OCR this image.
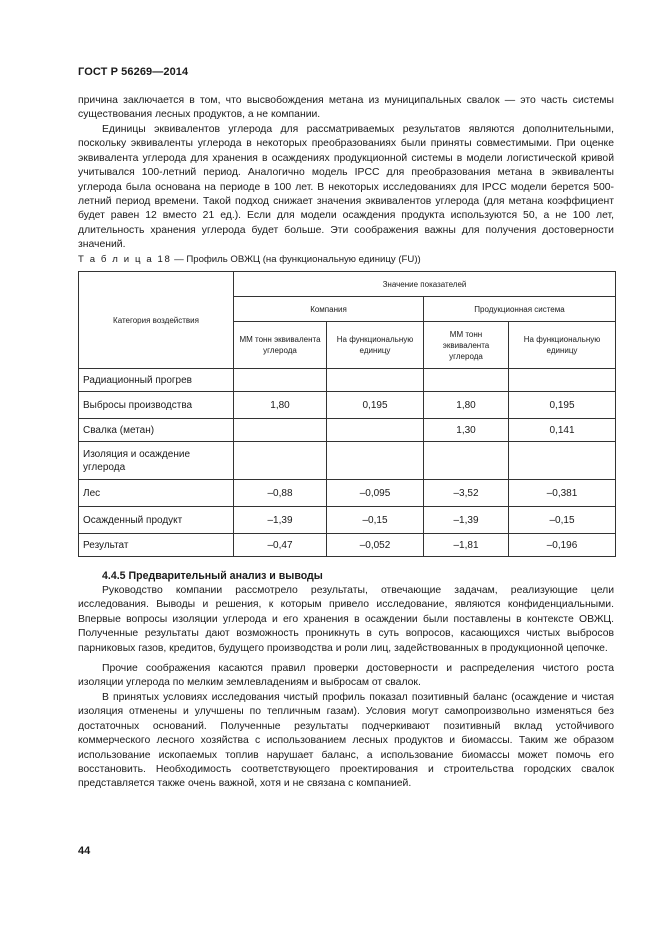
ГОСТ Р 56269—2014

причина заключается в том, что высвобождения метана из муниципальных свалок — это часть системы существования лесных продуктов, а не компании.

Единицы эквивалентов углерода для рассматриваемых результатов являются дополнительными, поскольку эквиваленты углерода в некоторых преобразованиях были приняты совместимыми. При оценке эквивалента углерода для хранения в осаждениях продукционной системы в модели логистической кривой учитывался 100-летний период. Аналогично модель IPCC для преобразования метана в эквиваленты углерода была основана на периоде в 100 лет. В некоторых исследованиях для IPCC модели берется 500-летний период времени. Такой подход снижает значения эквивалентов углерода (для метана коэффициент будет равен 12 вместо 21 ед.). Если для модели осаждения продукта используются 50, а не 100 лет, длительность хранения углерода будет больше. Эти соображения важны для получения достоверности значений.

Т а б л и ц а 18 — Профиль ОВЖЦ (на функциональную единицу (FU))
Категория воздействия	Значение показателей			
	Компания		Продукционная система	
	ММ тонн эквивалента углерода	На функциональную единицу	ММ тонн эквивалента углерода	На функциональную единицу
Радиационный прогрев				
Выбросы производства	1,80	0,195	1,80	0,195
Свалка (метан)			1,30	0,141
Изоляция и осаждение углерода				
Лес	–0,88	–0,095	–3,52	–0,381
Осажденный продукт	–1,39	–0,15	–1,39	–0,15
Результат	–0,47	–0,052	–1,81	–0,196
4.4.5 Предварительный анализ и выводы

Руководство компании рассмотрело результаты, отвечающие задачам, реализующие цели исследования. Выводы и решения, к которым привело исследование, являются конфиденциальными. Впервые вопросы изоляции углерода и его хранения в осаждении были поставлены в контексте ОВЖЦ. Полученные результаты дают возможность проникнуть в суть вопросов, касающихся чистых выбросов парниковых газов, кредитов, будущего производства и роли лиц, задействованных в продукционной цепочке.

Прочие соображения касаются правил проверки достоверности и распределения чистого роста изоляции углерода по мелким землевладениям и выбросам от свалок.

В принятых условиях исследования чистый профиль показал позитивный баланс (осаждение и чистая изоляция отменены и улучшены по тепличным газам). Условия могут самопроизвольно изменяться без достаточных оснований. Полученные результаты подчеркивают позитивный вклад устойчивого коммерческого лесного хозяйства с использованием лесных продуктов и биомассы. Таким же образом использование ископаемых топлив нарушает баланс, а использование биомассы может помочь его восстановить. Необходимость соответствующего проектирования и строительства городских свалок представляется также очень важной, хотя и не связана с компанией.

44
